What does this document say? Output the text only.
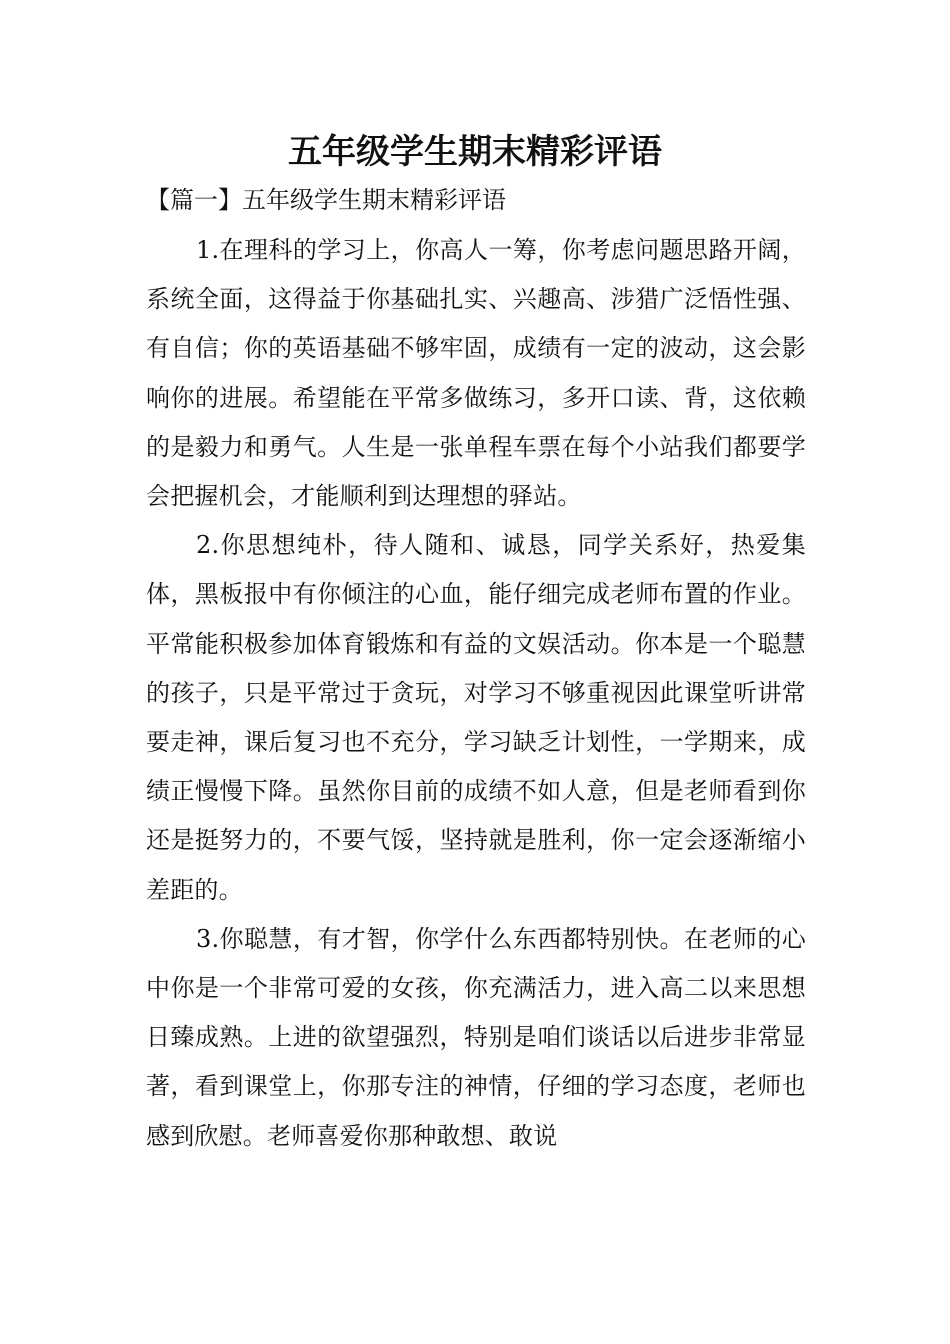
五年级学生期末精彩评语

【篇一】五年级学生期末精彩评语

1.在理科的学习上，你高人一筹，你考虑问题思路开阔，系统全面，这得益于你基础扎实、兴趣高、涉猎广泛悟性强、有自信；你的英语基础不够牢固，成绩有一定的波动，这会影响你的进展。希望能在平常多做练习，多开口读、背，这依赖的是毅力和勇气。人生是一张单程车票在每个小站我们都要学会把握机会，才能顺利到达理想的驿站。

2.你思想纯朴，待人随和、诚恳，同学关系好，热爱集体，黑板报中有你倾注的心血，能仔细完成老师布置的作业。平常能积极参加体育锻炼和有益的文娱活动。你本是一个聪慧的孩子，只是平常过于贪玩，对学习不够重视因此课堂听讲常要走神，课后复习也不充分，学习缺乏计划性，一学期来，成绩正慢慢下降。虽然你目前的成绩不如人意，但是老师看到你还是挺努力的，不要气馁，坚持就是胜利，你一定会逐渐缩小差距的。

3.你聪慧，有才智，你学什么东西都特别快。在老师的心中你是一个非常可爱的女孩，你充满活力，进入高二以来思想日臻成熟。上进的欲望强烈，特别是咱们谈话以后进步非常显著，看到课堂上，你那专注的神情，仔细的学习态度，老师也感到欣慰。老师喜爱你那种敢想、敢说
